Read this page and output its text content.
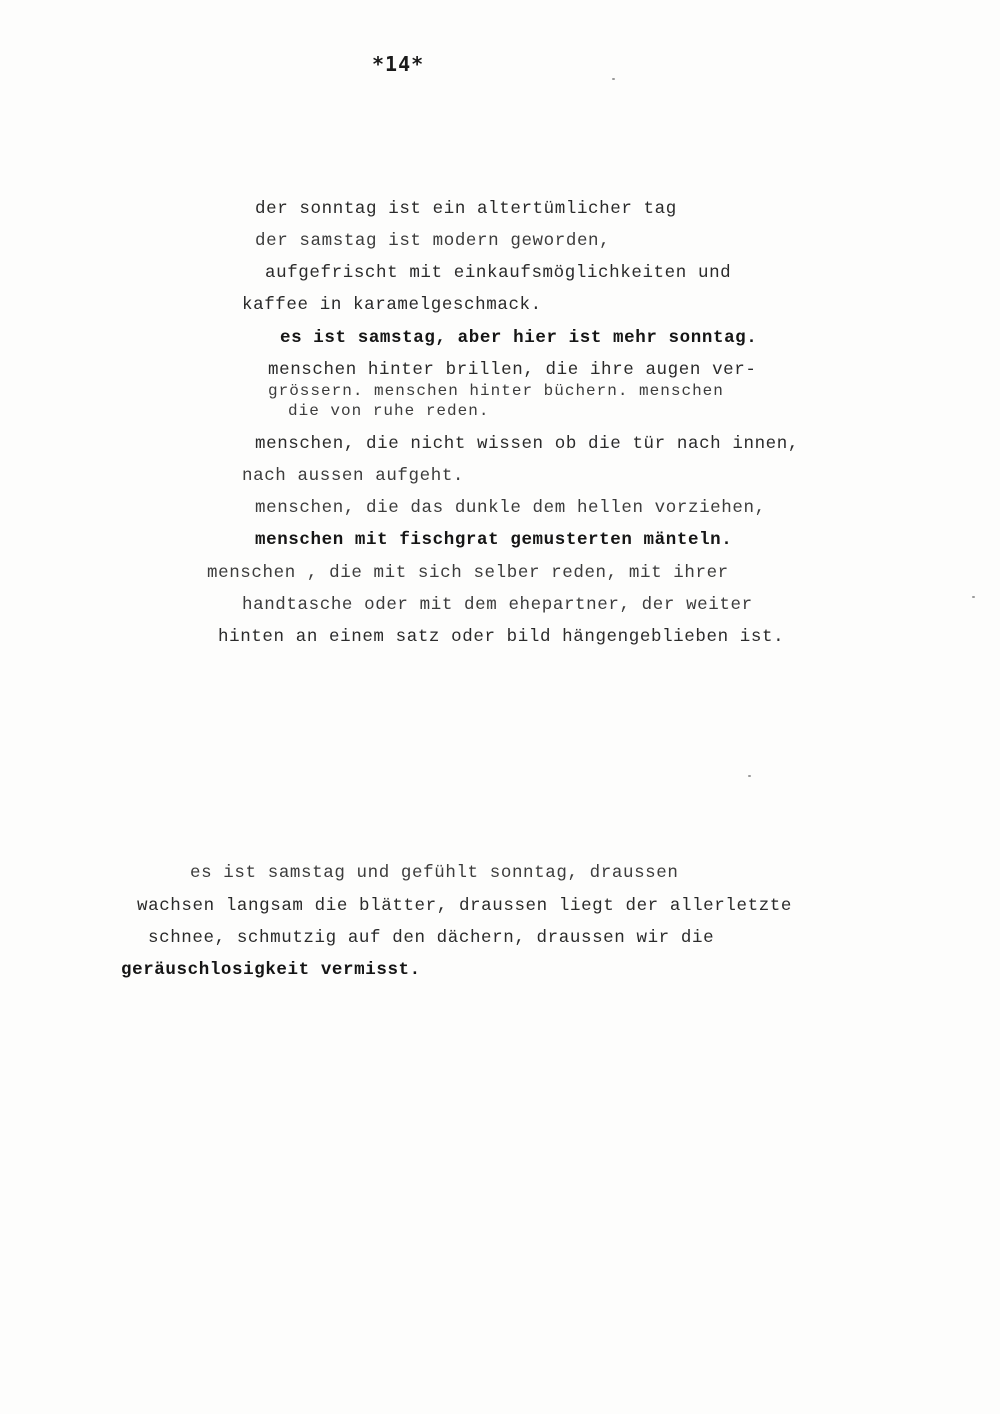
*14*
der sonntag ist ein altertümlicher tag
der samstag ist modern geworden,
aufgefrischt mit einkaufsmöglichkeiten und
kaffee in karamelgeschmack.
es ist samstag, aber hier ist mehr sonntag.
menschen hinter brillen, die ihre augen ver-
grössern. menschen hinter büchern. menschen
die von ruhe reden.
menschen, die nicht wissen ob die tür nach innen,
nach aussen aufgeht.
menschen, die das dunkle dem hellen vorziehen,
menschen mit fischgrat gemusterten mänteln.
menschen , die mit sich selber reden, mit ihrer
handtasche oder mit dem ehepartner, der weiter
hinten an einem satz oder bild hängengeblieben ist.
es ist samstag und gefühlt sonntag, draussen
wachsen langsam die blätter, draussen liegt der allerletzte
schnee, schmutzig auf den dächern, draussen wir die
geräuschlosigkeit vermisst.
